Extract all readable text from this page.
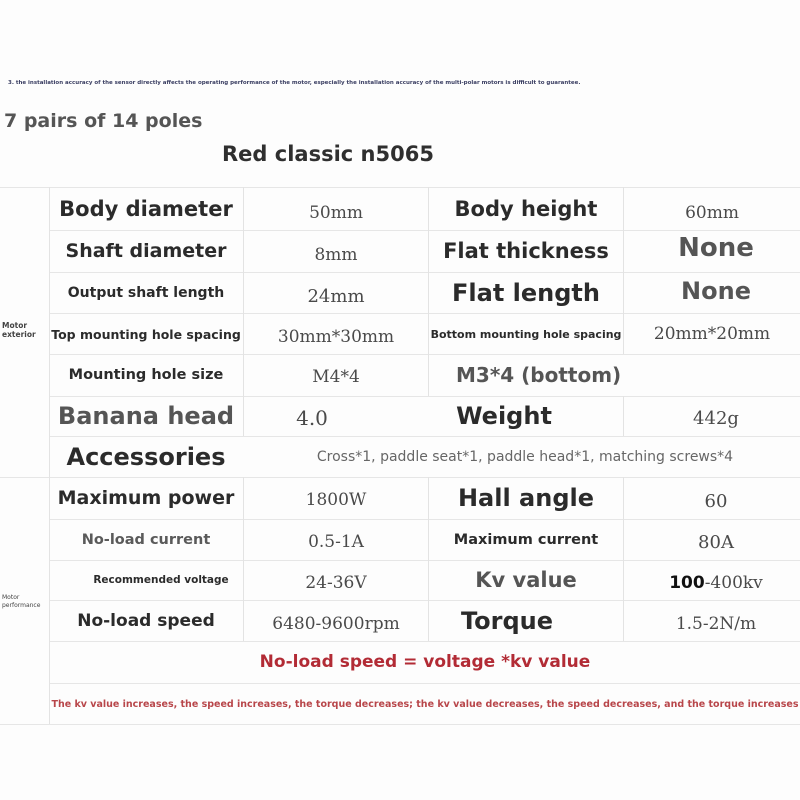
3. the installation accuracy of the sensor directly affects the operating performance of the motor, especially the installation accuracy of the multi-polar motors is difficult to guarantee.
7 pairs of 14 poles
Red classic n5065
Motor exterior
Motor performance
Body diameter	50mm	Body height	60mm
Shaft diameter	8mm	Flat thickness	None
Output shaft length	24mm	Flat length	None
Top mounting hole spacing	30mm*30mm	Bottom mounting hole spacing	20mm*20mm
Mounting hole size	M4*4	M3*4 (bottom)
Banana head	4.0	Weight	442g
Accessories	Cross*1, paddle seat*1, paddle head*1, matching screws*4
Maximum power	1800W	Hall angle	60
No-load current	0.5-1A	Maximum current	80A
Recommended voltage	24-36V	Kv value	100 -400kv
No-load speed	6480-9600rpm	Torque	1.5-2N/m
No-load speed = voltage *kv value
The kv value increases, the speed increases, the torque decreases; the kv value decreases, the speed decreases, and the torque increases
